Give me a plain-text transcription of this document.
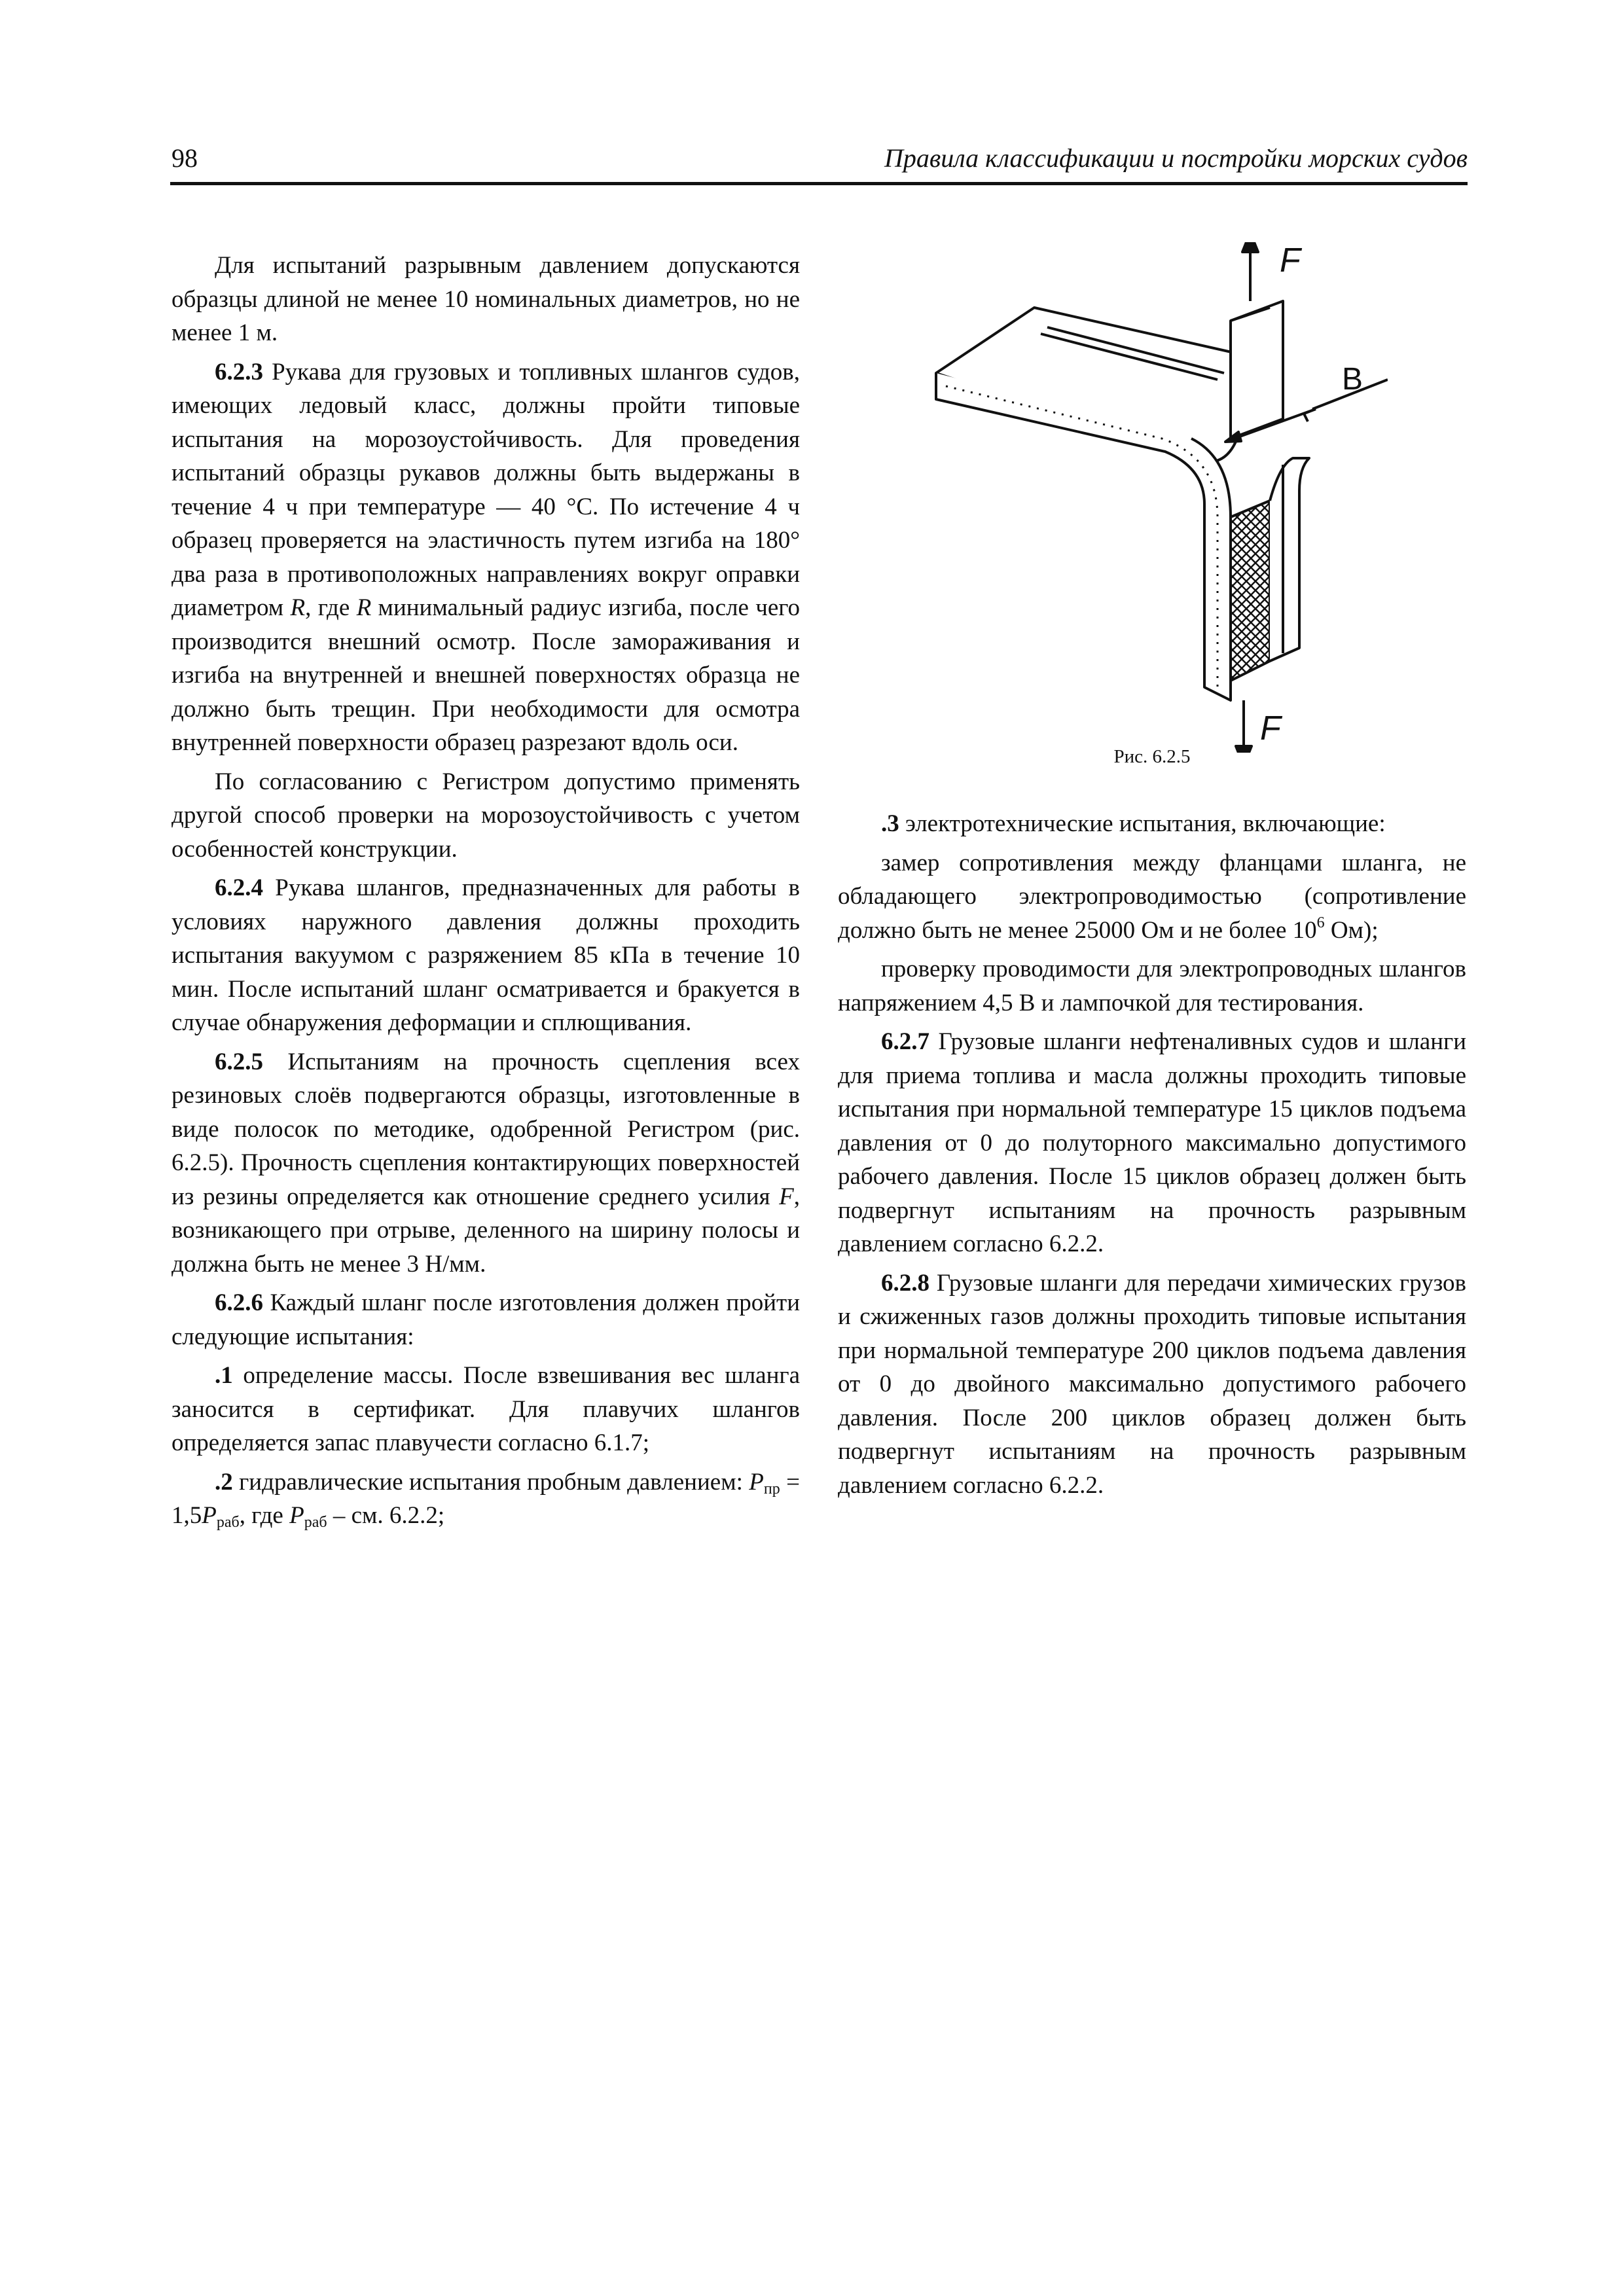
98	Правила классификации и постройки морских судов

Для испытаний разрывным давлением допускаются образцы длиной не менее 10 номинальных диаметров, но не менее 1 м.

6.2.3 Рукава для грузовых и топливных шлангов судов, имеющих ледовый класс, должны пройти типовые испытания на морозоустойчивость. Для проведения испытаний образцы рукавов должны быть выдержаны в течение 4 ч при температуре — 40 °C. По истечение 4 ч образец проверяется на эластичность путем изгиба на 180° два раза в противоположных направлениях вокруг оправки диаметром R, где R минимальный радиус изгиба, после чего производится внешний осмотр. После замораживания и изгиба на внутренней и внешней поверхностях образца не должно быть трещин. При необходимости для осмотра внутренней поверхности образец разрезают вдоль оси.

По согласованию с Регистром допустимо применять другой способ проверки на морозоустойчивость с учетом особенностей конструкции.

6.2.4 Рукава шлангов, предназначенных для работы в условиях наружного давления должны проходить испытания вакуумом с разряжением 85 кПа в течение 10 мин. После испытаний шланг осматривается и бракуется в случае обнаружения деформации и сплющивания.

6.2.5 Испытаниям на прочность сцепления всех резиновых слоёв подвергаются образцы, изготовленные в виде полосок по методике, одобренной Регистром (рис. 6.2.5). Прочность сцепления контактирующих поверхностей из резины определяется как отношение среднего усилия F, возникающего при отрыве, деленного на ширину полосы и должна быть не менее 3 Н/мм.

6.2.6 Каждый шланг после изготовления должен пройти следующие испытания:

.1 определение массы. После взвешивания вес шланга заносится в сертификат. Для плавучих шлангов определяется запас плавучести согласно 6.1.7;

.2 гидравлические испытания пробным давлением: $P_{пр} = 1,5P_{раб}$, где $P_{раб}$ – см. 6.2.2;

F
B
F
Рис. 6.2.5

.3 электротехнические испытания, включающие:

замер сопротивления между фланцами шланга, не обладающего электропроводимостью (сопротивление должно быть не менее 25000 Ом и не более $10^6$ Ом);

проверку проводимости для электропроводных шлангов напряжением 4,5 В и лампочкой для тестирования.

6.2.7 Грузовые шланги нефтеналивных судов и шланги для приема топлива и масла должны проходить типовые испытания при нормальной температуре 15 циклов подъема давления от 0 до полуторного максимально допустимого рабочего давления. После 15 циклов образец должен быть подвергнут испытаниям на прочность разрывным давлением согласно 6.2.2.

6.2.8 Грузовые шланги для передачи химических грузов и сжиженных газов должны проходить типовые испытания при нормальной температуре 200 циклов подъема давления от 0 до двойного максимально допустимого рабочего давления. После 200 циклов образец должен быть подвергнут испытаниям на прочность разрывным давлением согласно 6.2.2.
